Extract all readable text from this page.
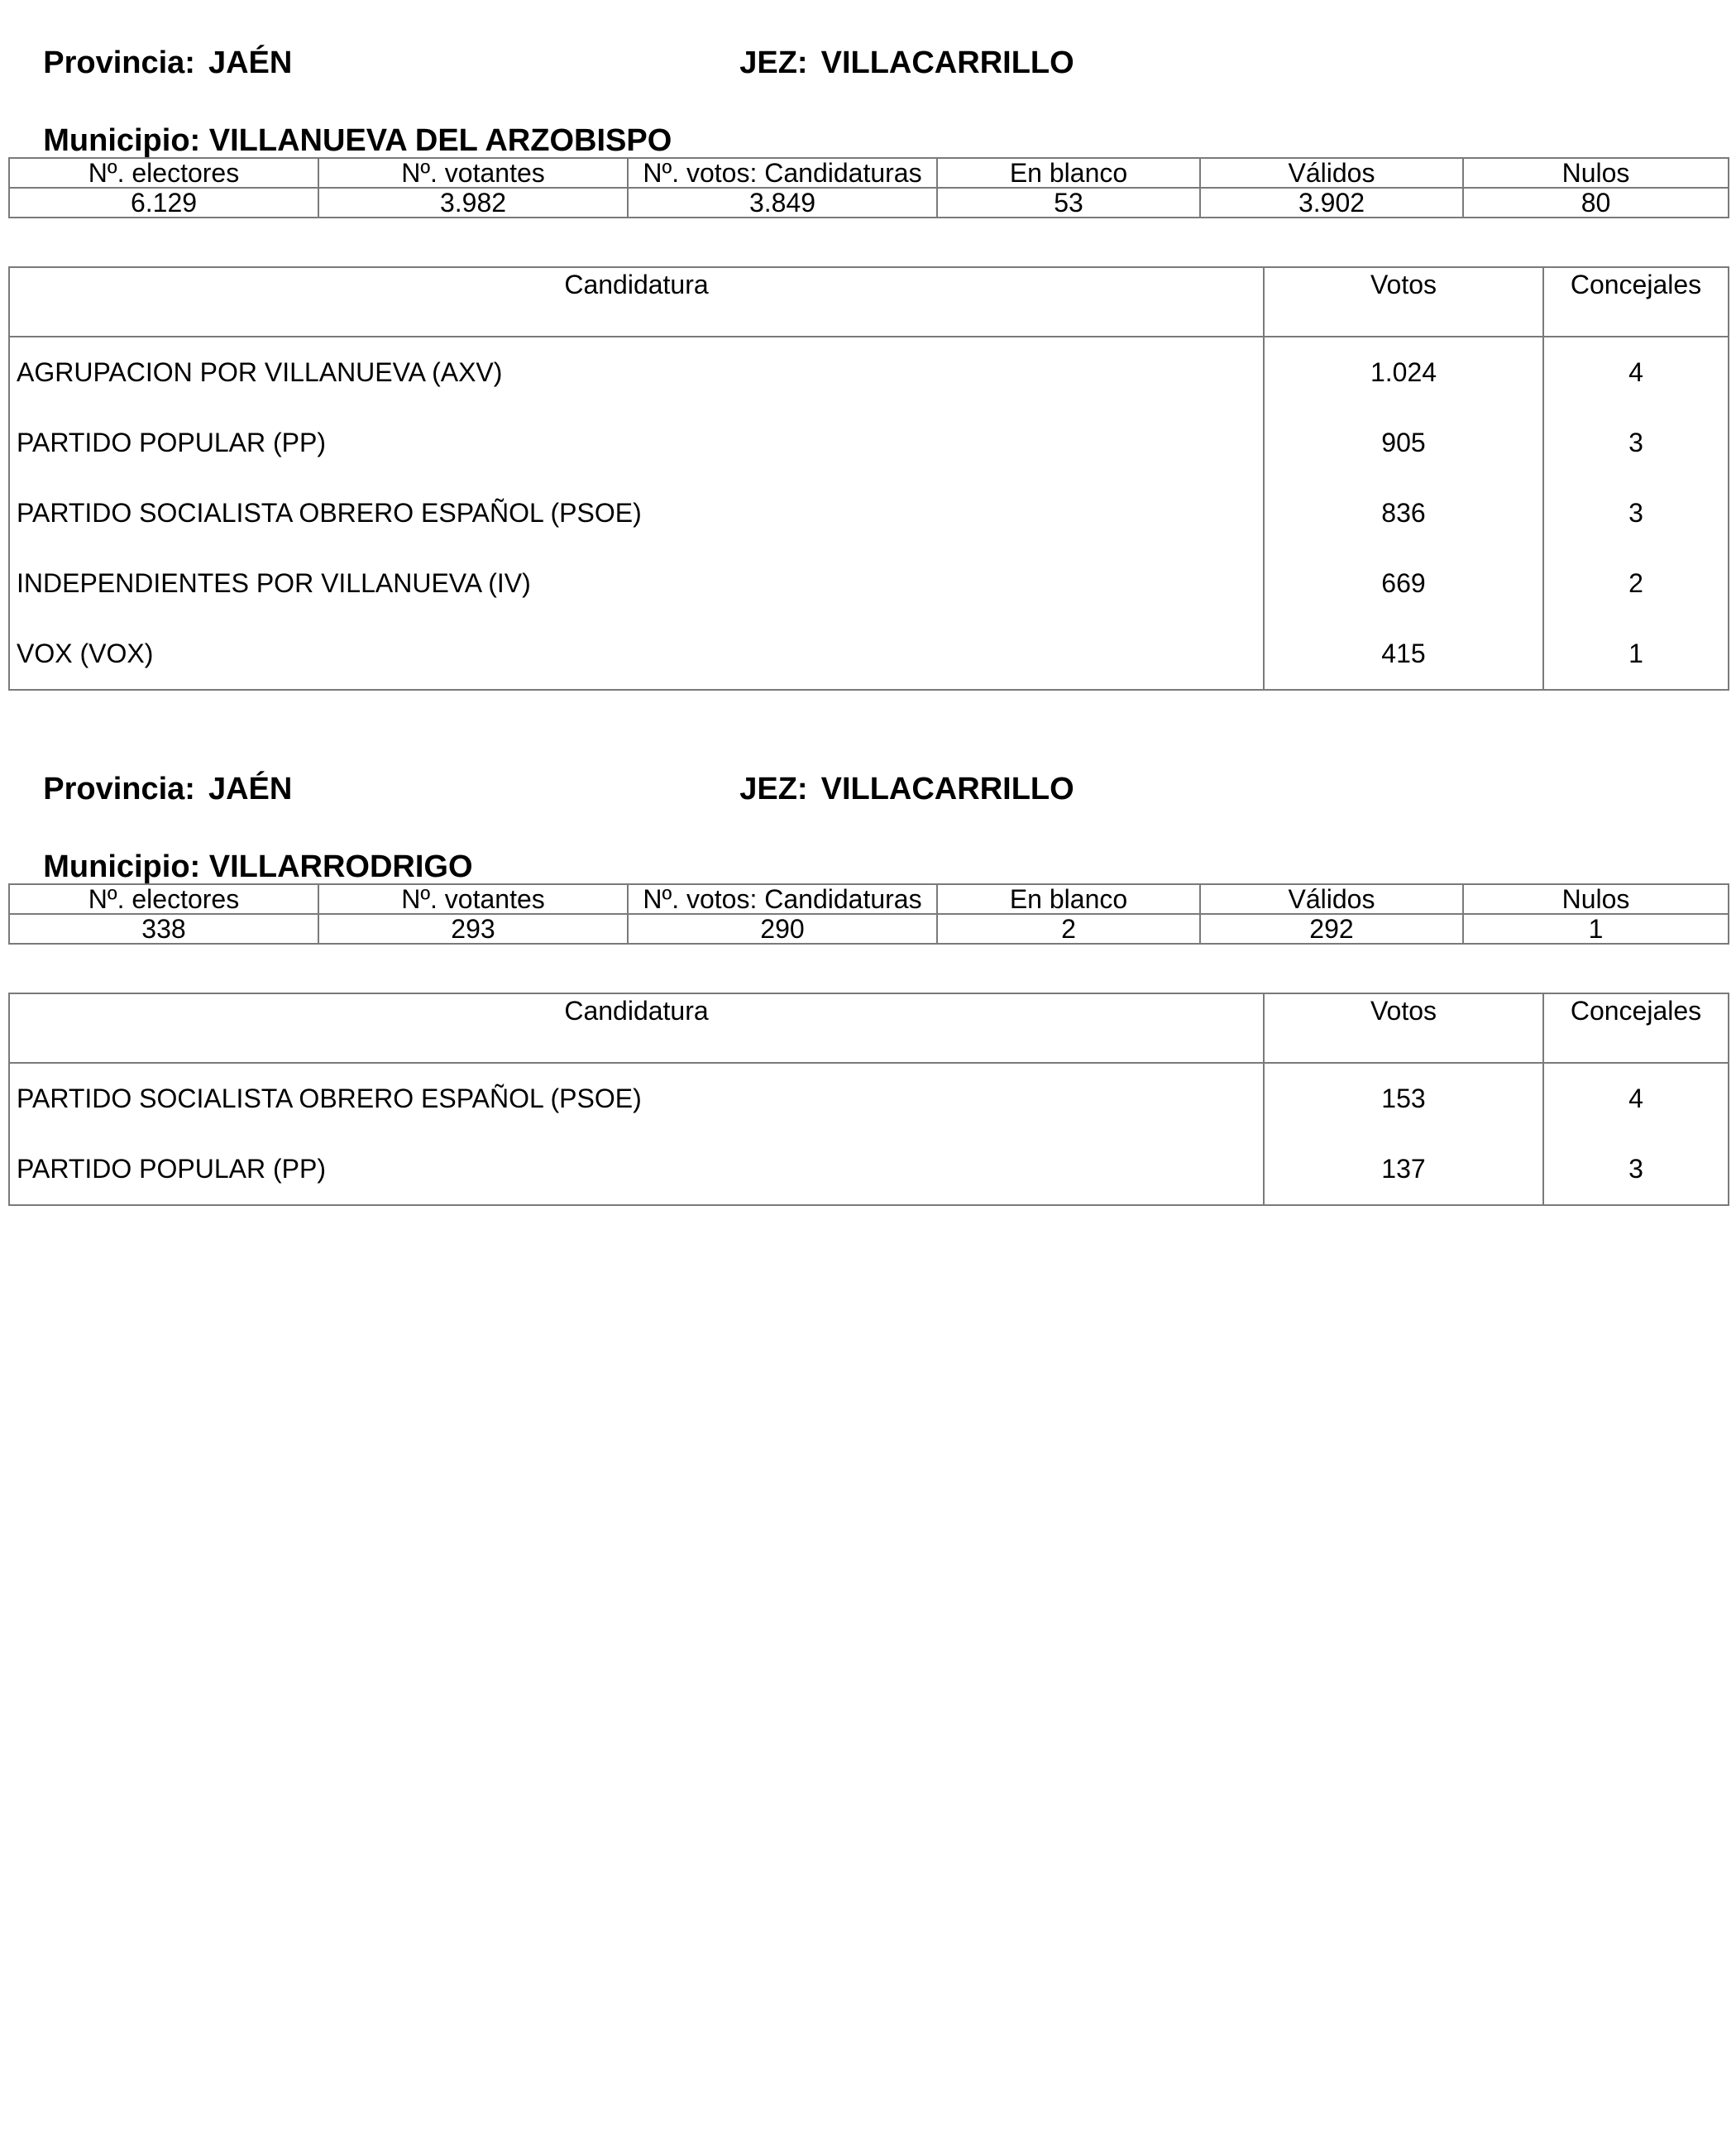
Provincia: JAÉN
	JEZ: VILLACARRILLO

Municipio: VILLANUEVA DEL ARZOBISPO

Nº. electores	Nº. votantes	Nº. votos: Candidaturas	En blanco	Válidos	Nulos
6.129	3.982	3.849	53	3.902	80
Candidatura	Votos	Concejales
AGRUPACION POR VILLANUEVA (AXV)	1.024	4
PARTIDO POPULAR (PP)	905	3
PARTIDO SOCIALISTA OBRERO ESPAÑOL (PSOE)	836	3
INDEPENDIENTES POR VILLANUEVA (IV)	669	2
VOX (VOX)	415	1

Provincia: JAÉN
	JEZ: VILLACARRILLO

Municipio: VILLARRODRIGO

Nº. electores	Nº. votantes	Nº. votos: Candidaturas	En blanco	Válidos	Nulos
338	293	290	2	292	1
Candidatura	Votos	Concejales
PARTIDO SOCIALISTA OBRERO ESPAÑOL (PSOE)	153	4
PARTIDO POPULAR (PP)	137	3
